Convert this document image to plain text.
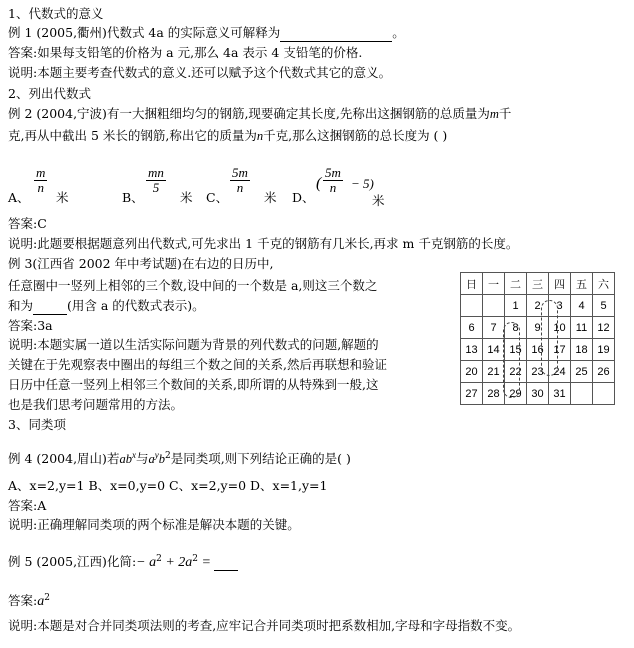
1、代数式的意义
例 1 (2005,衢州)代数式 4a 的实际意义可解释为	。
答案:如果每支铅笔的价格为 a 元,那么 4a 表示 4 支铅笔的价格.
说明:本题主要考查代数式的意义.还可以赋予这个代数式其它的意义。
2、列出代数式
例 2 (2004,宁波)有一大捆粗细均匀的钢筋,现要确定其长度,先称出这捆钢筋的总质量为m千
克,再从中截出 5 米长的钢筋,称出它的质量为n千克,那么这捆钢筋的总长度为 ( )
A、
$\frac{m}{n}$
米	B、
$\frac{mn}{5}$
米 C、
$\frac{5m}{n}$
米 D、
( $\frac{5m}{n} - 5$)
米
答案:C
说明:此题要根据题意列出代数式,可先求出 1 千克的钢筋有几米长,再求 m 千克钢筋的长度。
例 3(江西省 2002 年中考试题)在右边的日历中,
任意圈中一竖列上相邻的三个数,设中间的一个数是 a,则这三个数之
和为	(用含 a 的代数式表示)。
答案:3a
说明:本题实属一道以生活实际问题为背景的列代数式的问题,解题的
关键在于先观察表中圈出的每组三个数之间的关系,然后再联想和验证
日历中任意一竖列上相邻三个数间的关系,即所谓的从特殊到一般,这
也是我们思考问题常用的方法。
日	一	二	三	四	五	六
		1	2	3	4	5
6	7	8	9	10	11	12
13	14	15	16	17	18	19
20	21	22	23	24	25	26
27	28	29	30	31		
3、同类项
例 4 (2004,眉山)若$ab^x$与$a^yb^2$是同类项,则下列结论正确的是( )
A、x=2,y=1 B、x=0,y=0 C、x=2,y=0 D、x=1,y=1
答案:A
说明:正确理解同类项的两个标准是解决本题的关键。
例 5 (2005,江西)化简:− $a^2 + 2a^2$ =
答案$:a^2$
说明:本题是对合并同类项法则的考查,应牢记合并同类项时把系数相加,字母和字母指数不变。
